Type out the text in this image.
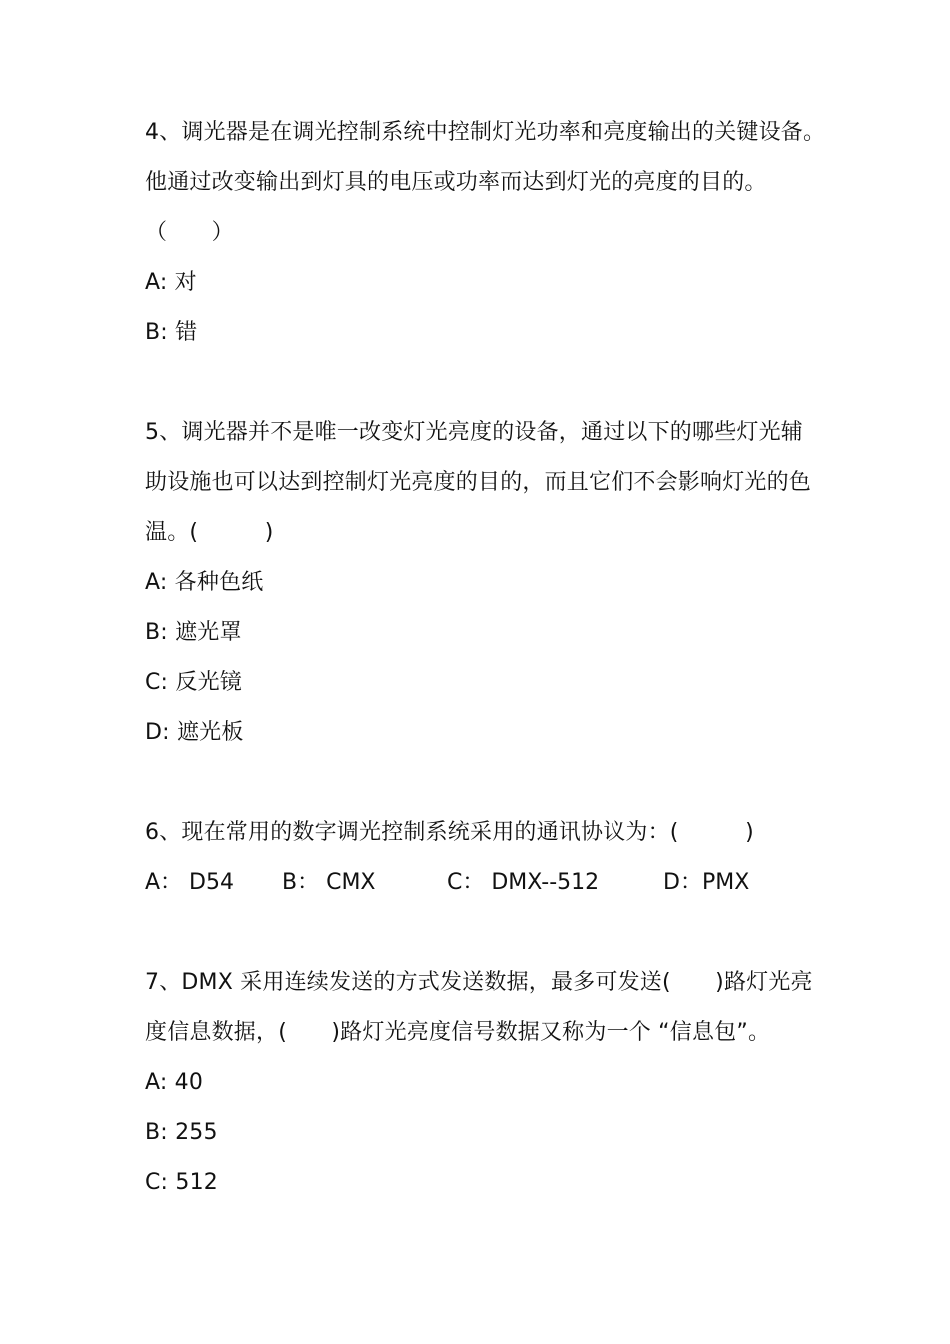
4、调光器是在调光控制系统中控制灯光功率和亮度输出的关键设备。
他通过改变输出到灯具的电压或功率而达到灯光的亮度的目的。
（　　）
A: 对
B: 错
5、调光器并不是唯一改变灯光亮度的设备，通过以下的哪些灯光辅
助设施也可以达到控制灯光亮度的目的，而且它们不会影响灯光的色
温。(　　　)
A: 各种色纸
B: 遮光罩
C: 反光镜
D: 遮光板
6、现在常用的数字调光控制系统采用的通讯协议为：(　　　)
A： D54 B： CMX	C： DMX--512	D：PMX
7、DMX 采用连续发送的方式发送数据，最多可发送(　　)路灯光亮
度信息数据，(　　)路灯光亮度信号数据又称为一个 “信息包”。
A: 40
B: 255
C: 512
